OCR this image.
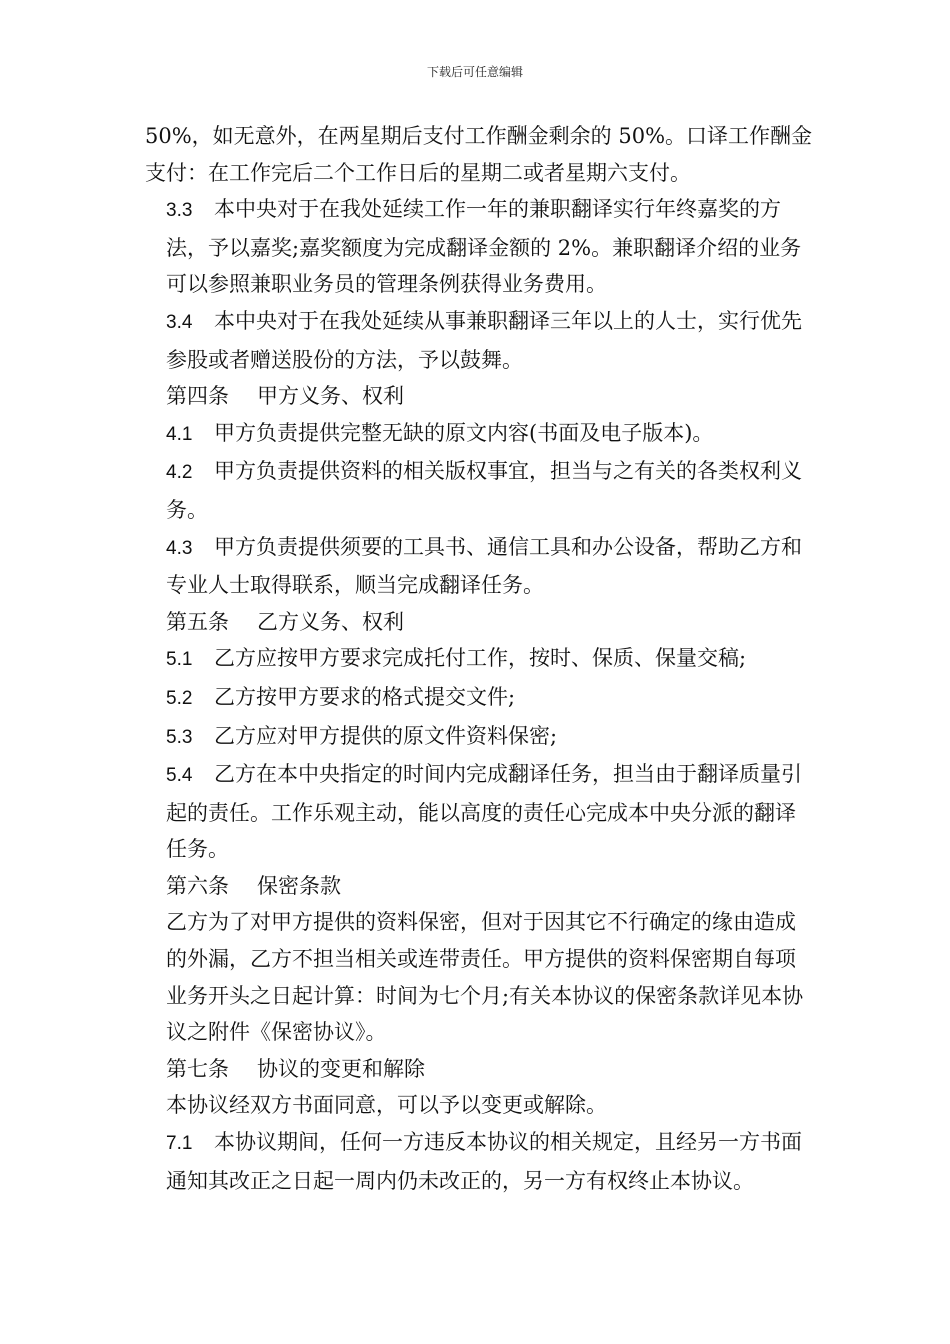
下载后可任意编辑

50%，如无意外，在两星期后支付工作酬金剩余的 50%。口译工作酬金支付：在工作完后二个工作日后的星期二或者星期六支付。

3.3 本中央对于在我处延续工作一年的兼职翻译实行年终嘉奖的方法，予以嘉奖;嘉奖额度为完成翻译金额的 2%。兼职翻译介绍的业务可以参照兼职业务员的管理条例获得业务费用。

3.4 本中央对于在我处延续从事兼职翻译三年以上的人士，实行优先参股或者赠送股份的方法，予以鼓舞。

第四条 甲方义务、权利

4.1 甲方负责提供完整无缺的原文内容(书面及电子版本)。

4.2 甲方负责提供资料的相关版权事宜，担当与之有关的各类权利义务。

4.3 甲方负责提供须要的工具书、通信工具和办公设备，帮助乙方和专业人士取得联系，顺当完成翻译任务。

第五条 乙方义务、权利

5.1 乙方应按甲方要求完成托付工作，按时、保质、保量交稿;

5.2 乙方按甲方要求的格式提交文件;

5.3 乙方应对甲方提供的原文件资料保密;

5.4 乙方在本中央指定的时间内完成翻译任务，担当由于翻译质量引起的责任。工作乐观主动，能以高度的责任心完成本中央分派的翻译任务。

第六条 保密条款

乙方为了对甲方提供的资料保密，但对于因其它不行确定的缘由造成的外漏，乙方不担当相关或连带责任。甲方提供的资料保密期自每项业务开头之日起计算：时间为七个月;有关本协议的保密条款详见本协议之附件《保密协议》。

第七条 协议的变更和解除

本协议经双方书面同意，可以予以变更或解除。

7.1 本协议期间，任何一方违反本协议的相关规定，且经另一方书面通知其改正之日起一周内仍未改正的，另一方有权终止本协议。
